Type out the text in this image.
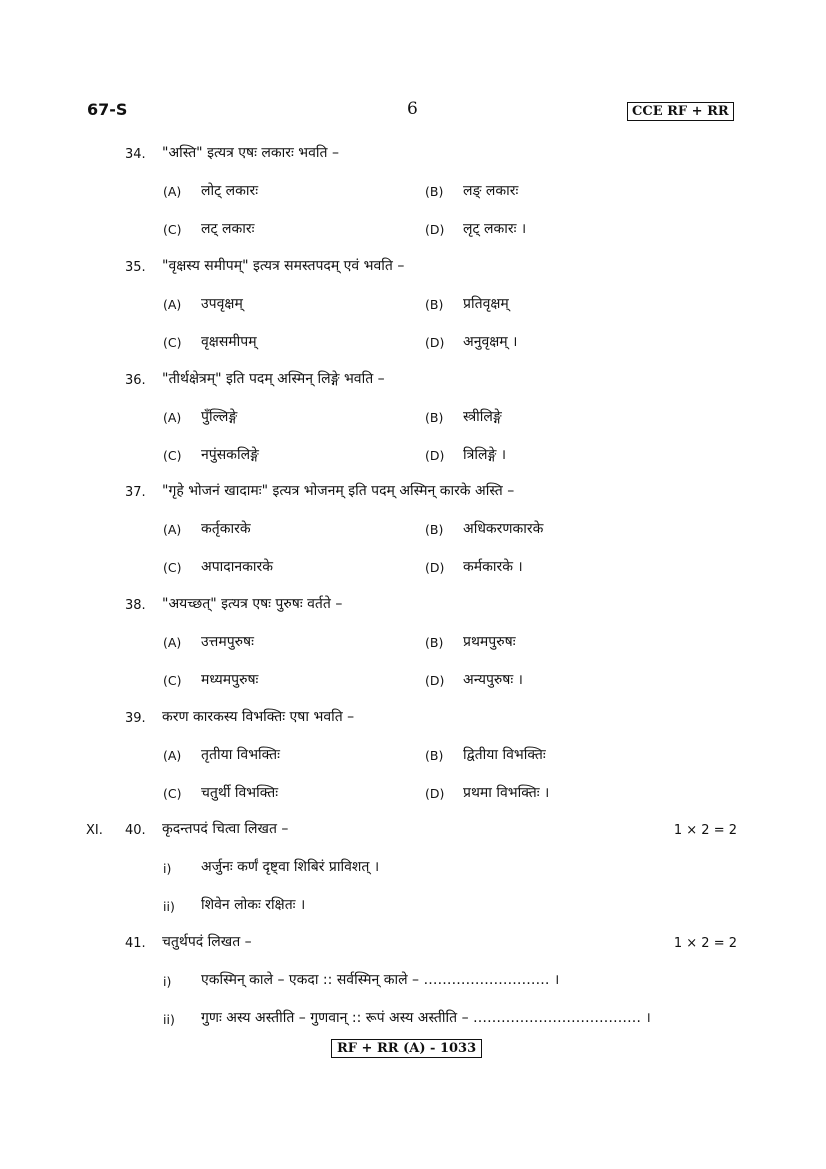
67-S	6	CCE RF + RR
34. "अस्ति" इत्यत्र एषः लकारः भवति –
(A) लोट् लकारः	(B) लङ् लकारः
(C) लट् लकारः	(D) लृट् लकारः ।
35. "वृक्षस्य समीपम्" इत्यत्र समस्तपदम् एवं भवति –
(A) उपवृक्षम्	(B) प्रतिवृक्षम्
(C) वृक्षसमीपम्	(D) अनुवृक्षम् ।
36. "तीर्थक्षेत्रम्" इति पदम् अस्मिन् लिङ्गे भवति –
(A) पुँल्लिङ्गे	(B) स्त्रीलिङ्गे
(C) नपुंसकलिङ्गे	(D) त्रिलिङ्गे ।
37. "गृहे भोजनं खादामः" इत्यत्र भोजनम् इति पदम् अस्मिन् कारके अस्ति –
(A) कर्तृकारके	(B) अधिकरणकारके
(C) अपादानकारके	(D) कर्मकारके ।
38. "अयच्छत्" इत्यत्र एषः पुरुषः वर्तते –
(A) उत्तमपुरुषः	(B) प्रथमपुरुषः
(C) मध्यमपुरुषः	(D) अन्यपुरुषः ।
39. करण कारकस्य विभक्तिः एषा भवति –
(A) तृतीया विभक्तिः	(B) द्वितीया विभक्तिः
(C) चतुर्थी विभक्तिः	(D) प्रथमा विभक्तिः ।
XI. 40. कृदन्तपदं चित्वा लिखत –	1 × 2 = 2
i) अर्जुनः कर्णं दृष्ट्वा शिबिरं प्राविशत् ।
ii) शिवेन लोकः रक्षितः ।
41. चतुर्थपदं लिखत –	1 × 2 = 2
i) एकस्मिन् काले – एकदा :: सर्वस्मिन् काले – ……………………… ।
ii) गुणः अस्य अस्तीति – गुणवान् :: रूपं अस्य अस्तीति – ……………………………… ।
RF + RR (A) - 1033
